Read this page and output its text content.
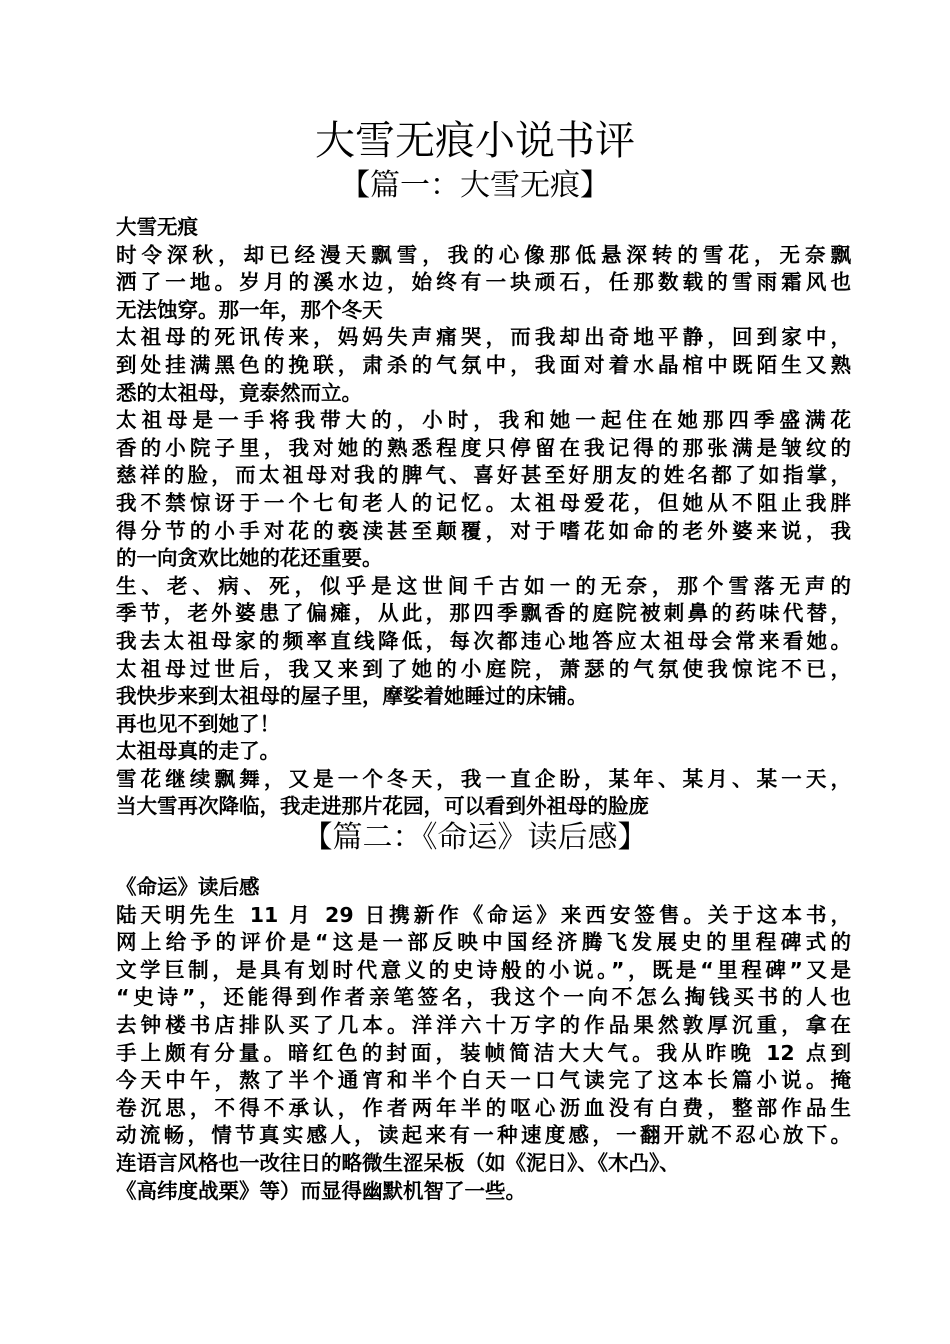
大雪无痕小说书评
【篇一：大雪无痕】

大雪无痕

时令深秋，却已经漫天飘雪，我的心像那低悬深转的雪花，无奈飘

洒了一地。岁月的溪水边，始终有一块顽石，任那数载的雪雨霜风也

无法蚀穿。那一年，那个冬天

太祖母的死讯传来，妈妈失声痛哭，而我却出奇地平静，回到家中，

到处挂满黑色的挽联，肃杀的气氛中，我面对着水晶棺中既陌生又熟

悉的太祖母，竟泰然而立。

太祖母是一手将我带大的，小时，我和她一起住在她那四季盛满花

香的小院子里，我对她的熟悉程度只停留在我记得的那张满是皱纹的

慈祥的脸，而太祖母对我的脾气、喜好甚至好朋友的姓名都了如指掌，

我不禁惊讶于一个七旬老人的记忆。太祖母爱花，但她从不阻止我胖

得分节的小手对花的亵渎甚至颠覆，对于嗜花如命的老外婆来说，我

的一向贪欢比她的花还重要。

生、老、病、死，似乎是这世间千古如一的无奈，那个雪落无声的

季节，老外婆患了偏瘫，从此，那四季飘香的庭院被刺鼻的药味代替，

我去太祖母家的频率直线降低，每次都违心地答应太祖母会常来看她。

太祖母过世后，我又来到了她的小庭院，萧瑟的气氛使我惊诧不已，

我快步来到太祖母的屋子里，摩娑着她睡过的床铺。

再也见不到她了！

太祖母真的走了。

雪花继续飘舞，又是一个冬天，我一直企盼，某年、某月、某一天，

当大雪再次降临，我走进那片花园，可以看到外祖母的脸庞

【篇二：《命运》读后感】

《命运》读后感

陆天明先生 11 月 29 日携新作《命运》来西安签售。关于这本书，

网上给予的评价是“这是一部反映中国经济腾飞发展史的里程碑式的

文学巨制，是具有划时代意义的史诗般的小说。”，既是“里程碑”又是

“史诗”，还能得到作者亲笔签名，我这个一向不怎么掏钱买书的人也

去钟楼书店排队买了几本。洋洋六十万字的作品果然敦厚沉重，拿在

手上颇有分量。暗红色的封面，装帧简洁大大气。我从昨晚 12 点到

今天中午，熬了半个通宵和半个白天一口气读完了这本长篇小说。掩

卷沉思，不得不承认，作者两年半的呕心沥血没有白费，整部作品生

动流畅，情节真实感人，读起来有一种速度感，一翻开就不忍心放下。

连语言风格也一改往日的略微生涩呆板（如《泥日》、《木凸》、

《高纬度战栗》等）而显得幽默机智了一些。
